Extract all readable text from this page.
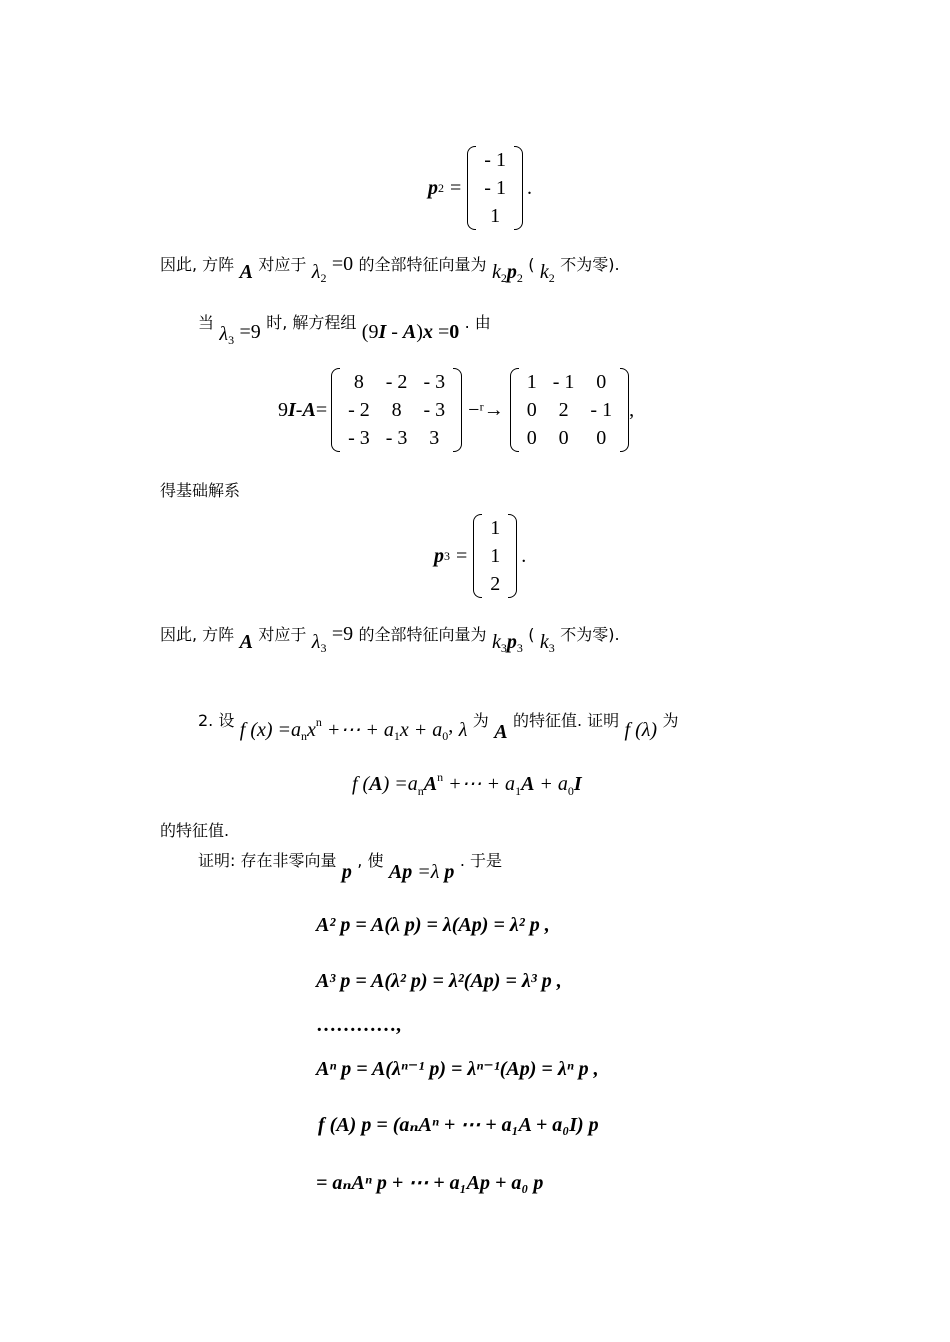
p 2 =
- 1
- 1
1
.
因此, 方阵 A 对应于 $\lambda_2 =0$ 的全部特征向量为 $k_2p_2$ ( $k_2$ 不为零).
当 $\lambda_3 =9$ 时, 解方程组 (9I - A)x =0 . 由
9 I - A =
8	- 2	- 3
- 2	8	- 3
- 3	- 3	3
−ʳ→
1	- 1	0
0	2	- 1
0	0	0
,
得基础解系
p 3 =
1
1
2
.
因此, 方阵 A 对应于 $\lambda_3 =9$ 的全部特征向量为 $k_3p_3$ ( $k_3$ 不为零).
2. 设 f $(x) =a_nxn$ +⋯ + $a_1x + a_0$, λ 为 A 的特征值. 证明 f (λ) 为
f $(A) =a_nA^n$ +⋯ + $a_1A + a_0I$
的特征值.
证明: 存在非零向量 p , 使 Ap =λ p . 于是
A² p = A(λ p) = λ(Ap) = λ² p ,
A³ p = A(λ² p) = λ²(Ap) = λ³ p ,
…………,
Aⁿ p = A(λⁿ⁻¹ p) = λⁿ⁻¹(Ap) = λⁿ p ,
f (A) p = (aₙAⁿ + ⋯ + a₁A + a₀I) p
= aₙAⁿ p + ⋯ + a₁Ap + a₀ p
